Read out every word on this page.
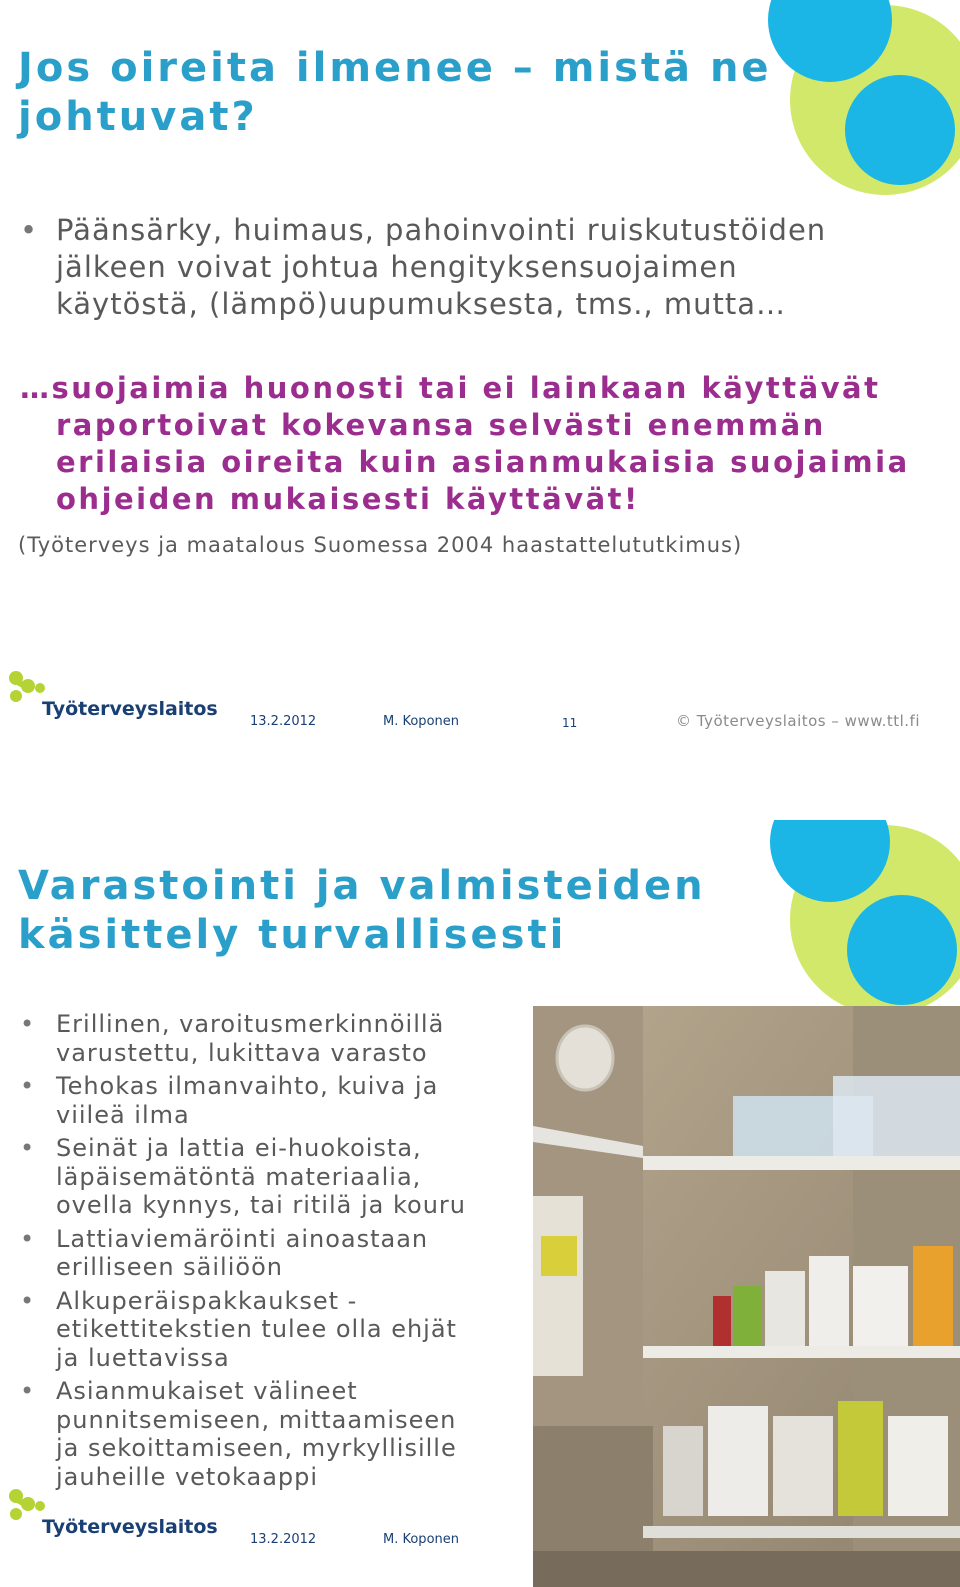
Jos oireita ilmenee – mistä ne
johtuvat?
• Päänsärky, huimaus, pahoinvointi ruiskutustöiden
jälkeen voivat johtua hengityksensuojaimen
käytöstä, (lämpö)uupumuksesta, tms., mutta…
…suojaimia huonosti tai ei lainkaan käyttävät
raportoivat kokevansa selvästi enemmän
erilaisia oireita kuin asianmukaisia suojaimia
ohjeiden mukaisesti käyttävät!
(Työterveys ja maatalous Suomessa 2004 haastattelututkimus)
Työterveyslaitos
13.2.2012	M. Koponen	11	© Työterveyslaitos – www.ttl.fi
Varastointi ja valmisteiden
käsittely turvallisesti
• Erillinen, varoitusmerkinnöillä
varustettu, lukittava varasto
• Tehokas ilmanvaihto, kuiva ja
viileä ilma
• Seinät ja lattia ei-huokoista,
läpäisemätöntä materiaalia,
ovella kynnys, tai ritilä ja kouru
• Lattiaviemäröinti ainoastaan
erilliseen säiliöön
• Alkuperäispakkaukset -
etikettitekstien tulee olla ehjät
ja luettavissa
• Asianmukaiset välineet
punnitsemiseen, mittaamiseen
ja sekoittamiseen, myrkyllisille
jauheille vetokaappi
Työterveyslaitos
13.2.2012	M. Koponen
